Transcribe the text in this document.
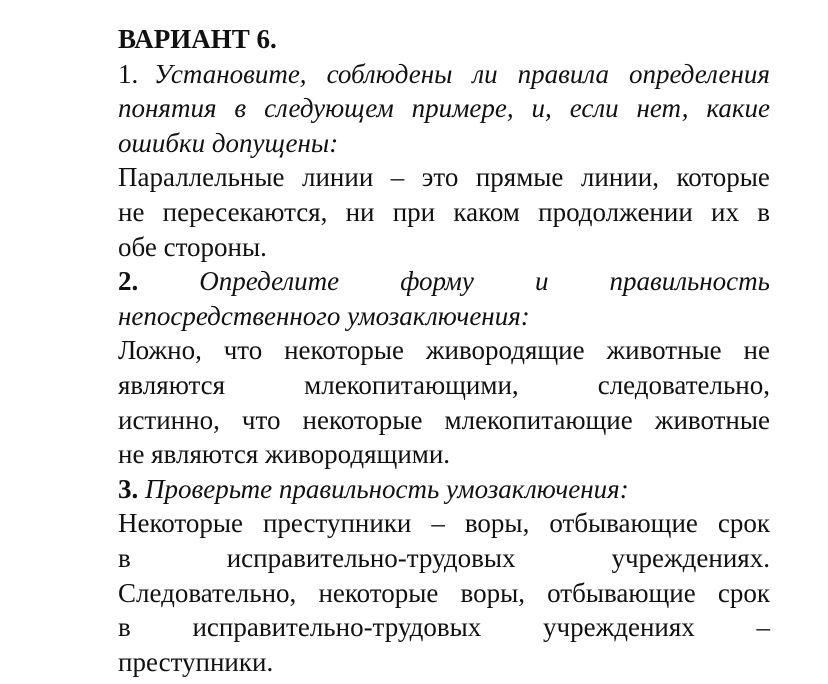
ВАРИАНТ 6.
1. Установите, соблюдены ли правила определения
понятия в следующем примере, и, если нет, какие
ошибки допущены:
Параллельные линии – это прямые линии, которые
не пересекаются, ни при каком продолжении их в
обе стороны.
2. Определите форму и правильность
непосредственного умозаключения:
Ложно, что некоторые живородящие животные не
являются	млекопитающими,	следовательно,
истинно, что некоторые млекопитающие животные
не являются живородящими.
3. Проверьте правильность умозаключения:
Некоторые преступники – воры, отбывающие срок
в	исправительно-трудовых	учреждениях.
Следовательно, некоторые воры, отбывающие срок
в исправительно-трудовых учреждениях –
преступники.
